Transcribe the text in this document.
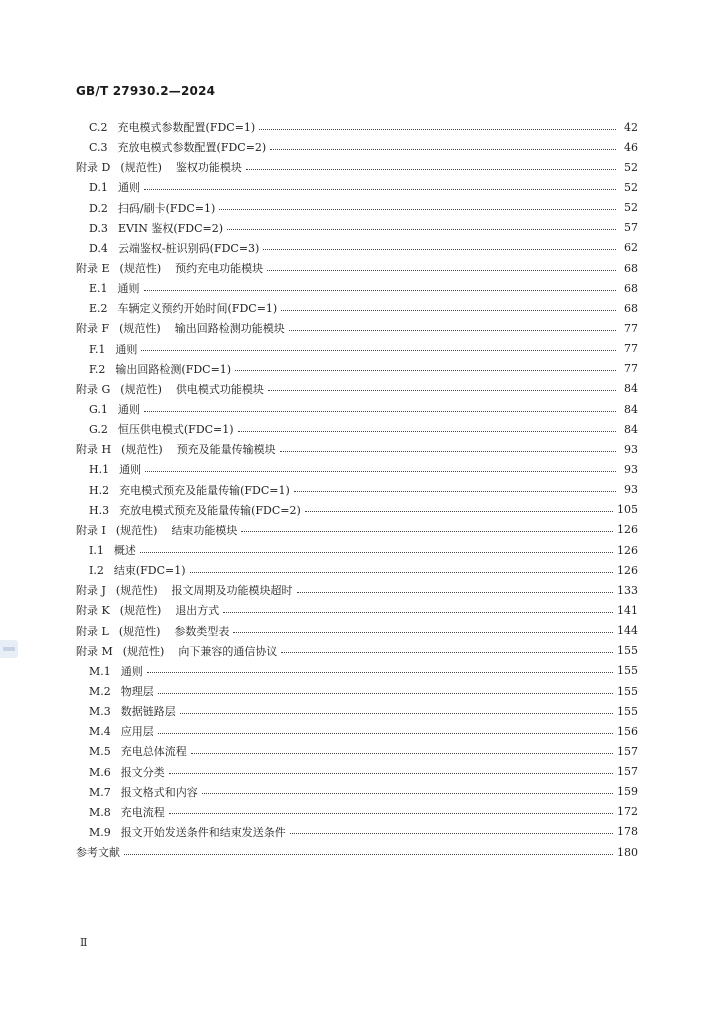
GB/T 27930.2—2024
C.2 充电模式参数配置(FDC=1)	42
C.3 充放电模式参数配置(FDC=2)	46
附录 D (规范性) 鉴权功能模块	52
D.1 通则	52
D.2 扫码/刷卡(FDC=1)	52
D.3 EVIN 鉴权(FDC=2)	57
D.4 云端鉴权-桩识别码(FDC=3)	62
附录 E (规范性) 预约充电功能模块	68
E.1 通则	68
E.2 车辆定义预约开始时间(FDC=1)	68
附录 F (规范性) 输出回路检测功能模块	77
F.1 通则	77
F.2 输出回路检测(FDC=1)	77
附录 G (规范性) 供电模式功能模块	84
G.1 通则	84
G.2 恒压供电模式(FDC=1)	84
附录 H (规范性) 预充及能量传输模块	93
H.1 通则	93
H.2 充电模式预充及能量传输(FDC=1)	93
H.3 充放电模式预充及能量传输(FDC=2)	105
附录 I (规范性) 结束功能模块	126
I.1 概述	126
I.2 结束(FDC=1)	126
附录 J (规范性) 报文周期及功能模块超时	133
附录 K (规范性) 退出方式	141
附录 L (规范性) 参数类型表	144
附录 M (规范性) 向下兼容的通信协议	155
M.1 通则	155
M.2 物理层	155
M.3 数据链路层	155
M.4 应用层	156
M.5 充电总体流程	157
M.6 报文分类	157
M.7 报文格式和内容	159
M.8 充电流程	172
M.9 报文开始发送条件和结束发送条件	178
参考文献	180
Ⅱ
